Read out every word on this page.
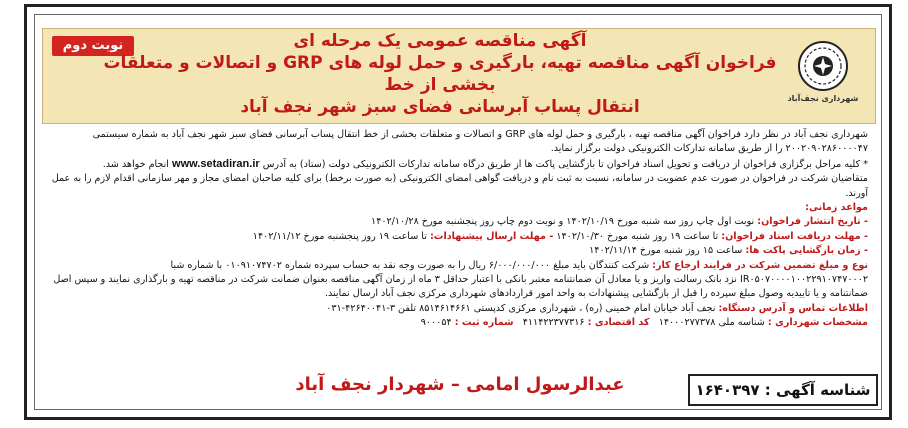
نوبت دوم
شهرداری نجف‌آباد
آگهی مناقصه عمومی یک مرحله ای
فراخوان آگهی مناقصه تهیه، بارگیری و حمل لوله های GRP و اتصالات و متعلقات بخشی از خط
انتقال پساب آبرسانی فضای سبز شهر نجف آباد

شهرداری نجف آباد در نظر دارد فراخوان آگهی مناقصه تهیه ، بارگیری و حمل لوله های GRP و اتصالات و متعلقات بخشی از خط انتقال پساب آبرسانی فضای سبز شهر نجف آباد به شماره سیستمی ۲۰۰۲۰۹۰۲۸۶۰۰۰۰۴۷ را از طریق سامانه تدارکات الکترونیکی دولت برگزار نماید.

* کلیه مراحل برگزاری فراخوان از دریافت و تحویل اسناد فراخوان تا بازگشایی پاکت ها از طریق درگاه سامانه تدارکات الکترونیکی دولت (ستاد) به آدرس www.setadiran.ir انجام خواهد شد.

متقاضیان شرکت در فراخوان در صورت عدم عضویت در سامانه، نسبت به ثبت نام و دریافت گواهی امضای الکترونیکی (به صورت برخط) برای کلیه صاحبان امضای مجاز و مهر سازمانی اقدام لازم را به عمل آورند.

مواعد زمانی:

- تاریخ انتشار فراخوان: نوبت اول چاپ روز سه شنبه مورخ ۱۴۰۲/۱۰/۱۹ و نوبت دوم چاپ روز پنجشنبه مورخ ۱۴۰۲/۱۰/۲۸

- مهلت دریافت اسناد فراخوان: تا ساعت ۱۹ روز شنبه مورخ ۱۴۰۲/۱۰/۳۰ - مهلت ارسال پیشنهادات: تا ساعت ۱۹ روز پنجشنبه مورخ ۱۴۰۲/۱۱/۱۲

- زمان بازگشایی پاکت ها: ساعت ۱۵ روز شنبه مورخ ۱۴۰۲/۱۱/۱۴

نوع و مبلغ تضمین شرکت در فرایند ارجاع کار: شرکت کنندگان باید مبلغ ۶/۰۰۰/۰۰۰/۰۰۰ ریال را به صورت وجه نقد به حساب سپرده شماره ۰۱۰۹۱۰۷۴۷۰۲ با شماره شبا IR۰۵۰۷۰۰۰۰۱۰۰۲۲۹۱۰۷۴۷۰۰۰۲ نزد بانک رسالت واریز و یا معادل آن ضمانتنامه معتبر بانکی با اعتبار حداقل ۳ ماه از زمان آگهی مناقصه بعنوان ضمانت شرکت در مناقصه تهیه و بارگذاری نمایند و سپس اصل ضمانتنامه و یا تاییدیه وصول مبلغ سپرده را قبل از بازگشایی پیشنهادات به واحد امور قراردادهای شهرداری مرکزی نجف آباد ارسال نمایند.

اطلاعات تماس و آدرس دستگاه: نجف آباد خیابان امام خمینی (ره) ، شهرداری مرکزی کدپستی ۸۵۱۴۶۱۴۶۶۱ تلفن ۳-۴۲۶۴۰۰۴۱-۰۳۱

مشخصات شهرداری : شناسه ملی ۱۴۰۰۰۲۷۷۳۷۸   کد اقتصادی : ۴۱۱۴۲۲۳۷۷۳۱۶   شماره ثبت : ۹۰۰۰۵۴

عبدالرسول امامی – شهردار نجف آباد	شناسه آگهی : ۱۶۴۰۳۹۷
